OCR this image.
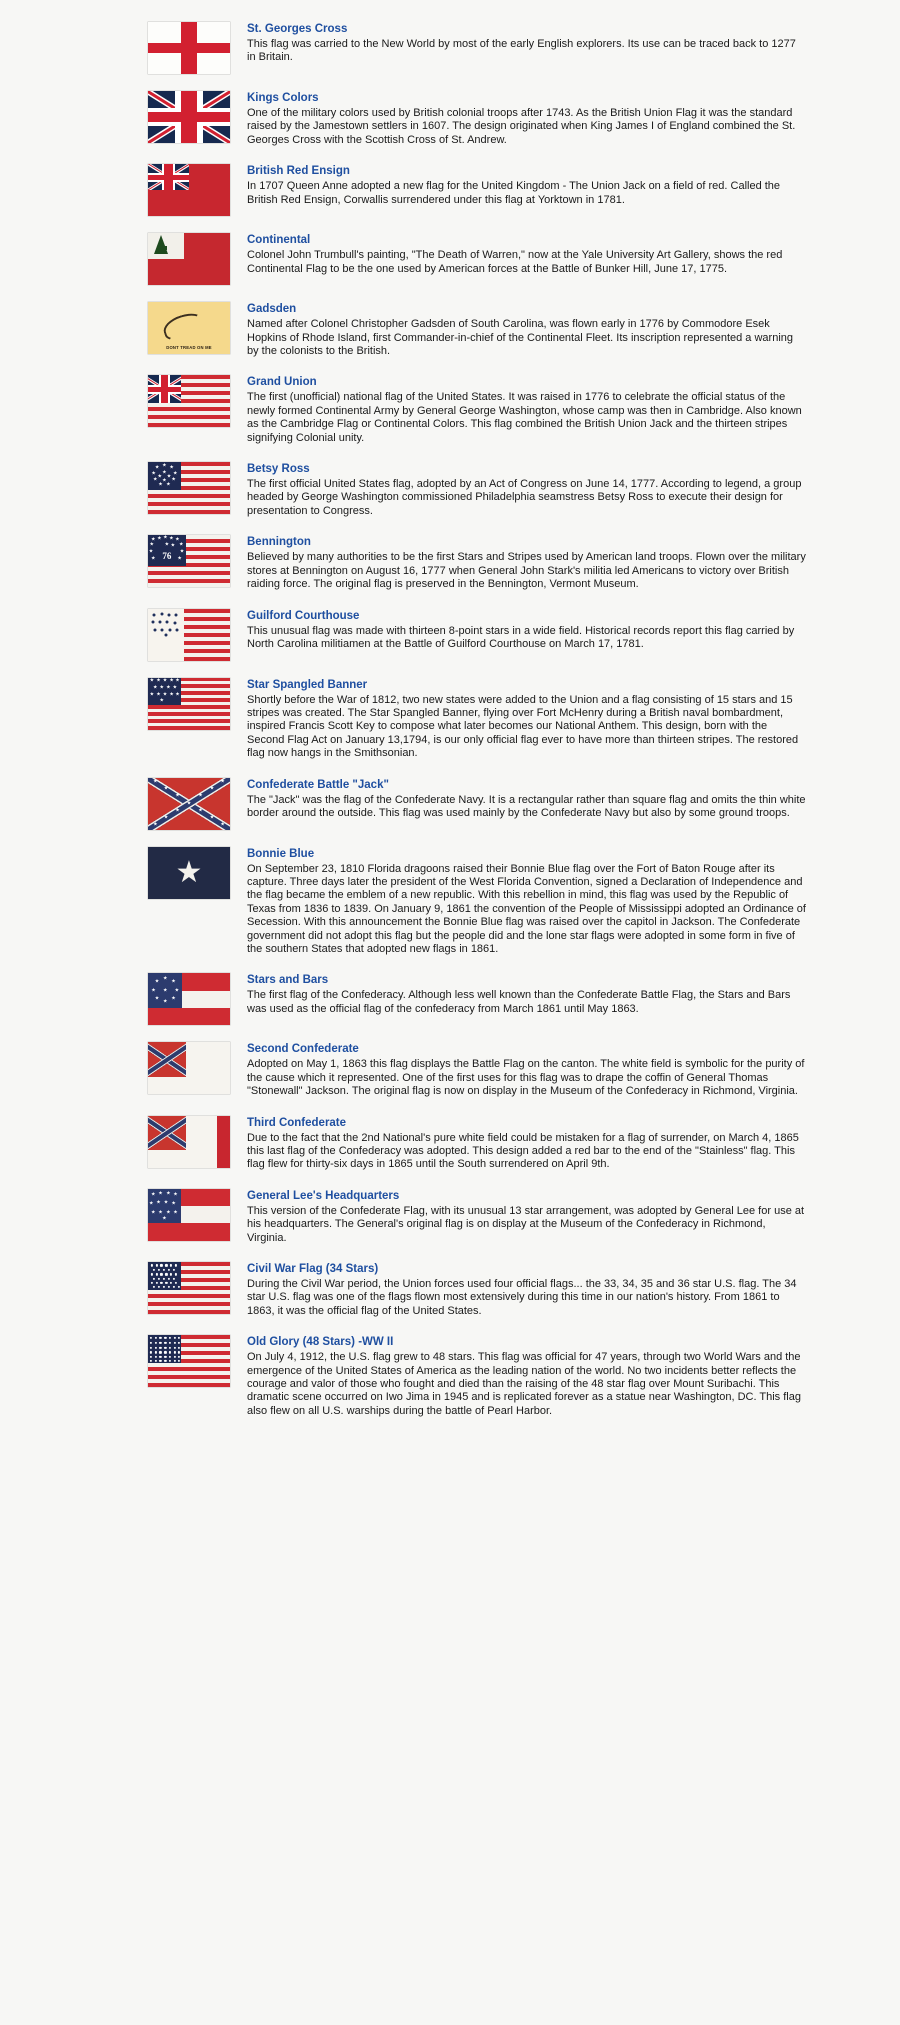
St. Georges Cross
This flag was carried to the New World by most of the early English explorers. Its use can be traced back to 1277 in Britain.
Kings Colors
One of the military colors used by British colonial troops after 1743. As the British Union Flag it was the standard raised by the Jamestown settlers in 1607. The design originated when King James I of England combined the St. Georges Cross with the Scottish Cross of St. Andrew.
British Red Ensign
In 1707 Queen Anne adopted a new flag for the United Kingdom - The Union Jack on a field of red. Called the British Red Ensign, Corwallis surrendered under this flag at Yorktown in 1781.
Continental
Colonel John Trumbull's painting, "The Death of Warren," now at the Yale University Art Gallery, shows the red Continental Flag to be the one used by American forces at the Battle of Bunker Hill, June 17, 1775.
DONT TREAD ON ME
Gadsden
Named after Colonel Christopher Gadsden of South Carolina, was flown early in 1776 by Commodore Esek Hopkins of Rhode Island, first Commander-in-chief of the Continental Fleet. Its inscription represented a warning by the colonists to the British.
Grand Union
The first (unofficial) national flag of the United States. It was raised in 1776 to celebrate the official status of the newly formed Continental Army by General George Washington, whose camp was then in Cambridge. Also known as the Cambridge Flag or Continental Colors. This flag combined the British Union Jack and the thirteen stripes signifying Colonial unity.
★ ★
★
★
★
★
★
★
★
★
★ ★
★
Betsy Ross
The first official United States flag, adopted by an Act of Congress on June 14, 1777. According to legend, a group headed by George Washington commissioned Philadelphia seamstress Betsy Ross to execute their design for presentation to Congress.
★ ★ ★ ★ ★
★
★
★
★
★
★
★ ★
76
Bennington
Believed by many authorities to be the first Stars and Stripes used by American land troops. Flown over the military stores at Bennington on August 16, 1777 when General John Stark's militia led Americans to victory over British raiding force. The original flag is preserved in the Bennington, Vermont Museum.
Guilford Courthouse
This unusual flag was made with thirteen 8-point stars in a wide field. Historical records report this flag carried by North Carolina militiamen at the Battle of Guilford Courthouse on March 17, 1781.
★ ★ ★ ★ ★
★ ★ ★ ★
★ ★ ★ ★ ★
★
Star Spangled Banner
Shortly before the War of 1812, two new states were added to the Union and a flag consisting of 15 stars and 15 stripes was created. The Star Spangled Banner, flying over Fort McHenry during a British naval bombardment, inspired Francis Scott Key to compose what later becomes our National Anthem. This design, born with the Second Flag Act on January 13,1794, is our only official flag ever to have more than thirteen stripes. The restored flag now hangs in the Smithsonian.
★
★	★
★	★
★	★
★	★
★	★
★	★
Confederate Battle "Jack"
The "Jack" was the flag of the Confederate Navy. It is a rectangular rather than square flag and omits the thin white border around the outside. This flag was used mainly by the Confederate Navy but also by some ground troops.
★
Bonnie Blue
On September 23, 1810 Florida dragoons raised their Bonnie Blue flag over the Fort of Baton Rouge after its capture. Three days later the president of the West Florida Convention, signed a Declaration of Independence and the flag became the emblem of a new republic. With this rebellion in mind, this flag was used by the Republic of Texas from 1836 to 1839. On January 9, 1861 the convention of the People of Mississippi adopted an Ordinance of Secession. With this announcement the Bonnie Blue flag was raised over the capitol in Jackson. The Confederate government did not adopt this flag but the people did and the lone star flags were adopted in some form in five of the southern States that adopted new flags in 1861.
★
★
★
★
★
★
★
★
★
Stars and Bars
The first flag of the Confederacy. Although less well known than the Confederate Battle Flag, the Stars and Bars was used as the official flag of the confederacy from March 1861 until May 1863.
Second Confederate
Adopted on May 1, 1863 this flag displays the Battle Flag on the canton. The white field is symbolic for the purity of the cause which it represented. One of the first uses for this flag was to drape the coffin of General Thomas "Stonewall" Jackson. The original flag is now on display in the Museum of the Confederacy in Richmond, Virginia.
Third Confederate
Due to the fact that the 2nd National's pure white field could be mistaken for a flag of surrender, on March 4, 1865 this last flag of the Confederacy was adopted. This design added a red bar to the end of the "Stainless" flag. This flag flew for thirty-six days in 1865 until the South surrendered on April 9th.
★ ★ ★ ★
★ ★ ★ ★
★ ★ ★ ★
★
General Lee's Headquarters
This version of the Confederate Flag, with its unusual 13 star arrangement, was adopted by General Lee for use at his headquarters. The General's original flag is on display at the Museum of the Confederacy in Richmond, Virginia.
Civil War Flag (34 Stars)
During the Civil War period, the Union forces used four official flags... the 33, 34, 35 and 36 star U.S. flag. The 34 star U.S. flag was one of the flags flown most extensively during this time in our nation's history. From 1861 to 1863, it was the official flag of the United States.
Old Glory (48 Stars) -WW II
On July 4, 1912, the U.S. flag grew to 48 stars. This flag was official for 47 years, through two World Wars and the emergence of the United States of America as the leading nation of the world. No two incidents better reflects the courage and valor of those who fought and died than the raising of the 48 star flag over Mount Suribachi. This dramatic scene occurred on Iwo Jima in 1945 and is replicated forever as a statue near Washington, DC. This flag also flew on all U.S. warships during the battle of Pearl Harbor.
